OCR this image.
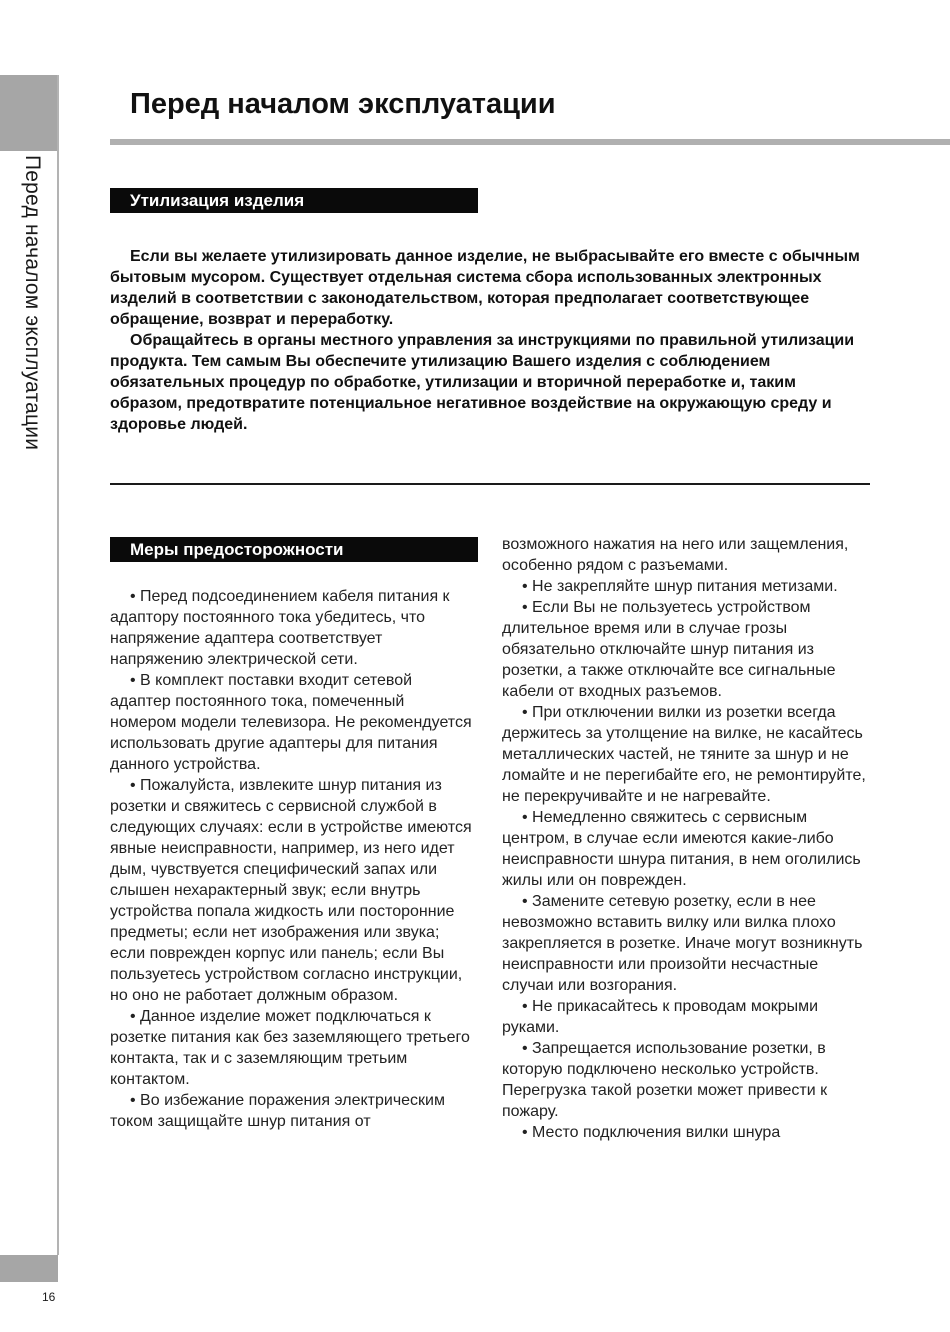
Перед началом эксплуатации
16
Перед началом эксплуатации
Утилизация изделия

Если вы желаете утилизировать данное изделие, не выбрасывайте его вместе с обычным бытовым мусором. Существует отдельная система сбора использованных электронных изделий в соответствии с законодательством, которая предполагает соответствующее обращение, возврат и переработку.

Обращайтесь в органы местного управления за инструкциями по правильной утилизации продукта. Тем самым Вы обеспечите утилизацию Вашего изделия с соблюдением обязательных процедур по обработке, утилизации и вторичной переработке и, таким образом, предотвратите потенциальное негативное воздействие на окружающую среду и здоровье людей.

Меры предосторожности

• Перед подсоединением кабеля питания к адаптору постоянного тока убедитесь, что напряжение адаптера соответствует напряжению электрической сети.

• В комплект поставки входит сетевой адаптер постоянного тока, помеченный номером модели телевизора. Не рекомендуется использовать другие адаптеры для питания данного устройства.

• Пожалуйста, извлеките шнур питания из розетки и свяжитесь с сервисной службой в следующих случаях: если в устройстве имеются явные неисправности, например, из него идет дым, чувствуется специфический запах или слышен нехарактерный звук; если внутрь устройства попала жидкость или посторонние предметы; если нет изображения или звука; если поврежден корпус или панель; если Вы пользуетесь устройством согласно инструкции, но оно не работает должным образом.

• Данное изделие может подключаться к розетке питания как без заземляющего третьего контакта, так и с заземляющим третьим контактом.

• Во избежание поражения электрическим током защищайте шнур питания от

возможного нажатия на него или защемления, особенно рядом с разъемами.

• Не закрепляйте шнур питания метизами.

• Если Вы не пользуетесь устройством длительное время или в случае грозы обязательно отключайте шнур питания из розетки, а также отключайте все сигнальные кабели от входных разъемов.

• При отключении вилки из розетки всегда держитесь за утолщение на вилке, не касайтесь металлических частей, не тяните за шнур и не ломайте и не перегибайте его, не ремонтируйте, не перекручивайте и не нагревайте.

• Немедленно свяжитесь с сервисным центром, в случае если имеются какие-либо неисправности шнура питания, в нем оголились жилы или он поврежден.

• Замените сетевую розетку, если в нее невозможно вставить вилку или вилка плохо закрепляется в розетке. Иначе могут возникнуть неисправности или произойти несчастные случаи или возгорания.

• Не прикасайтесь к проводам мокрыми руками.

• Запрещается использование розетки, в которую подключено несколько устройств. Перегрузка такой розетки может привести к пожару.

• Место подключения вилки шнура
